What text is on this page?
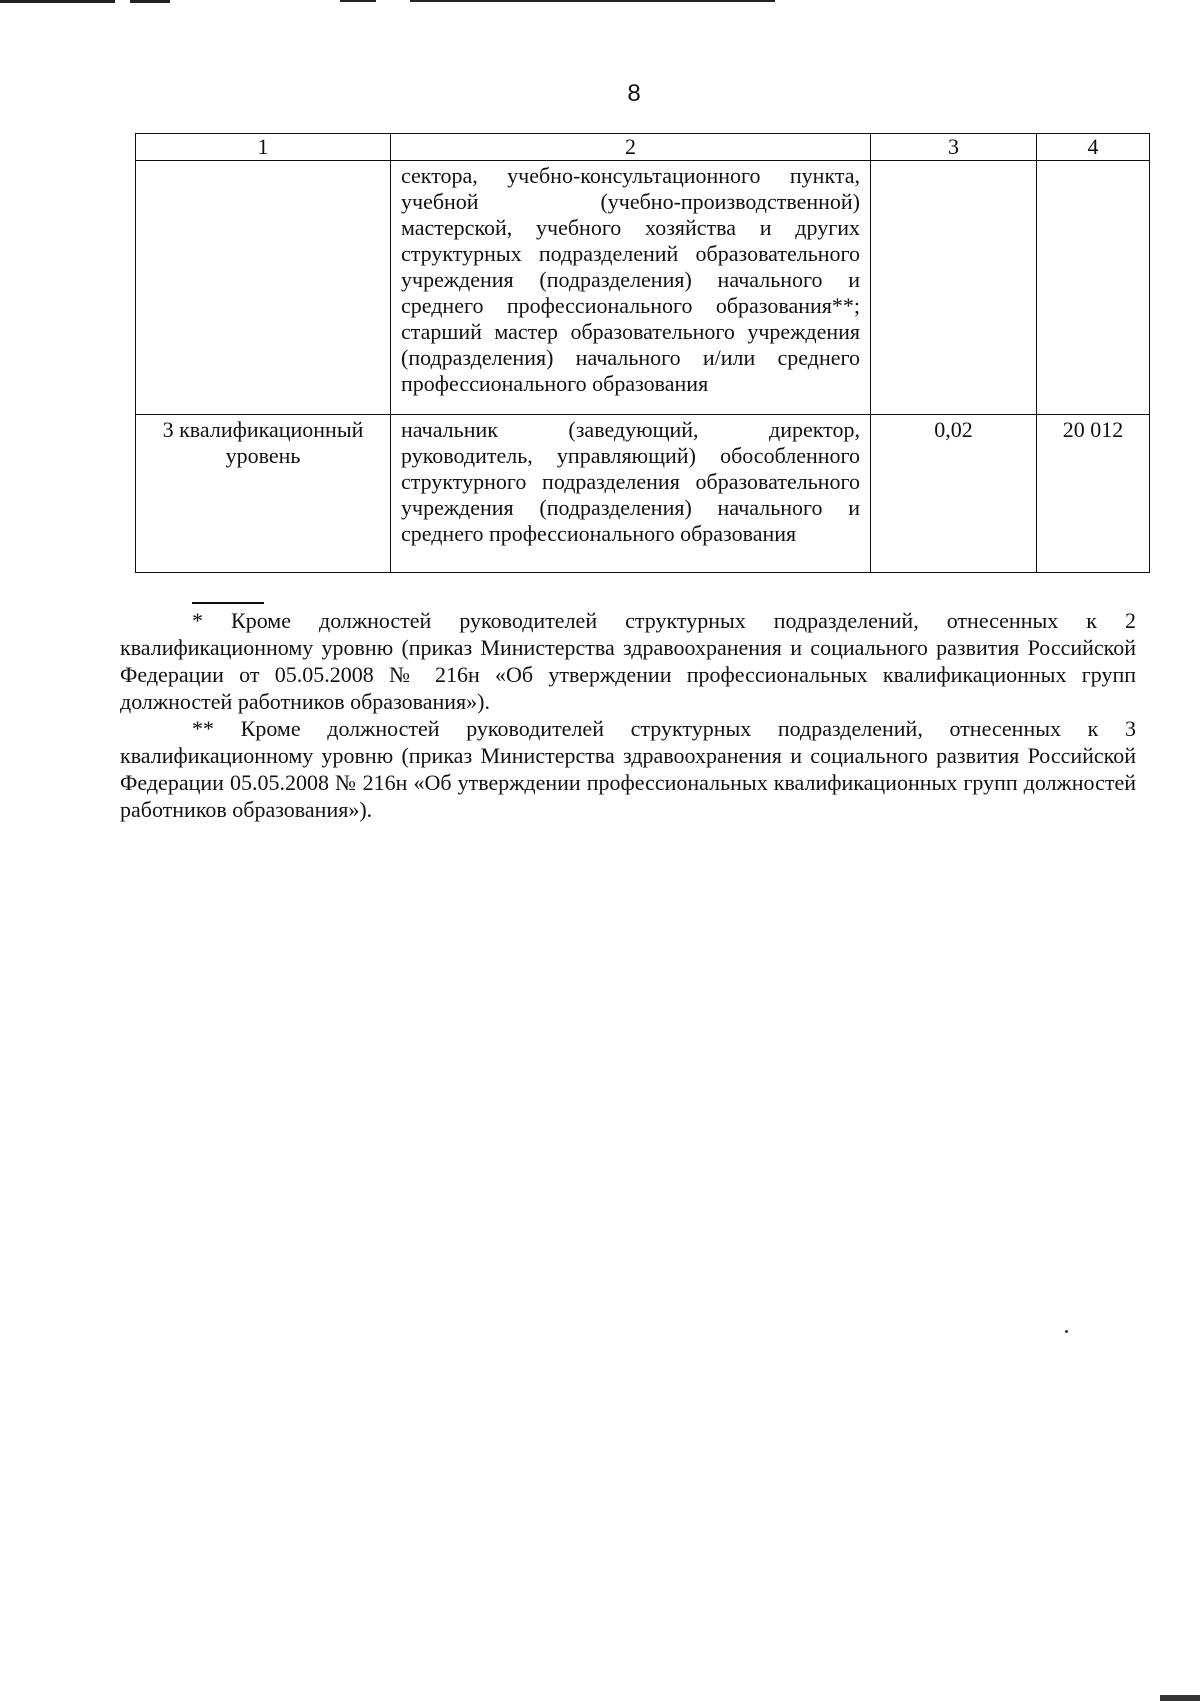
8
1	2	3	4

	сектора, учебно-консультационного пункта, учебной (учебно-производственной) мастерской, учебного хозяйства и других структурных подразделений образовательного учреждения (подразделения) начального и среднего профессионального образования**;
старший мастер образовательного учреждения (подразделения) начального и/или среднего профессионального образования		

3 квалификационный уровень	начальник (заведующий, директор, руководитель, управляющий) обособленного структурного подразделения образовательного учреждения (подразделения) начального и среднего профессионального образования	0,02	20 012

* Кроме должностей руководителей структурных подразделений, отнесенных к 2 квалификационному уровню (приказ Министерства здравоохранения и социального развития Российской Федерации от 05.05.2008 № 216н «Об утверждении профессиональных квалификационных групп должностей работников образования»).

** Кроме должностей руководителей структурных подразделений, отнесенных к 3 квалификационному уровню (приказ Министерства здравоохранения и социального развития Российской Федерации 05.05.2008 № 216н «Об утверждении профессиональных квалификационных групп должностей работников образования»).
